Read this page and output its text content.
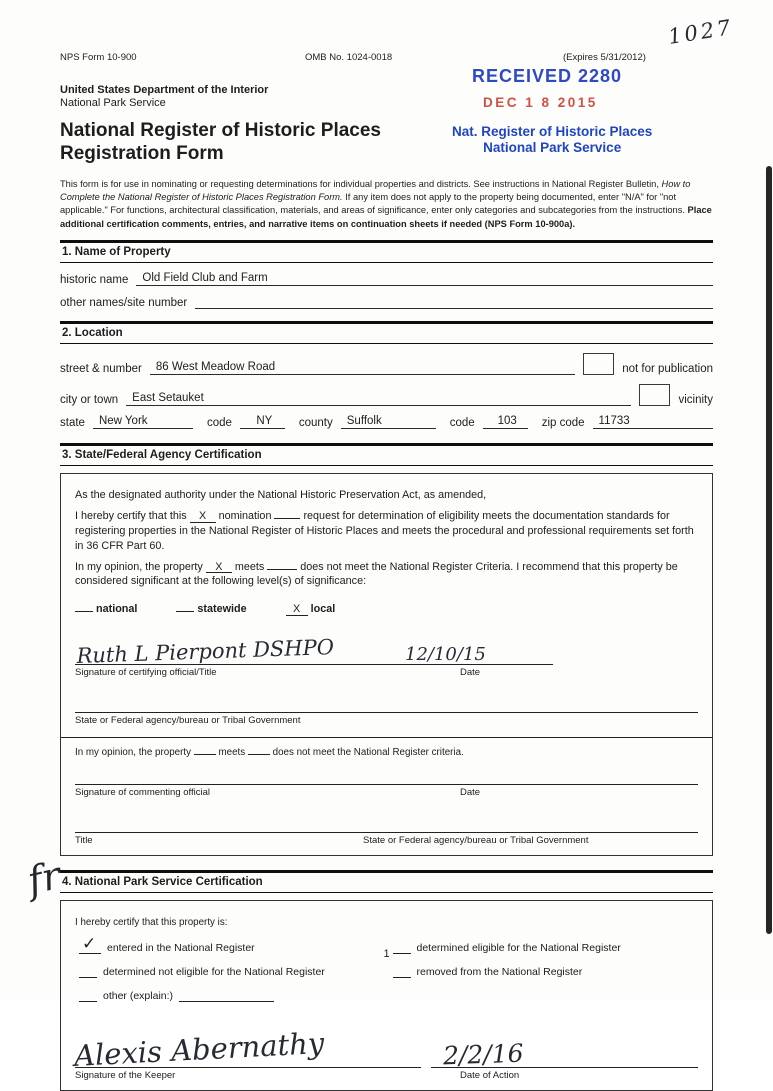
NPS Form 10-900	OMB No. 1024-0018	(Expires 5/31/2012)
1027
RECEIVED 2280
DEC 1 8 2015
United States Department of the Interior
National Park Service
National Register of Historic Places
Registration Form
Nat. Register of Historic Places
National Park Service
This form is for use in nominating or requesting determinations for individual properties and districts. See instructions in National Register Bulletin, How to Complete the National Register of Historic Places Registration Form. If any item does not apply to the property being documented, enter "N/A" for "not applicable." For functions, architectural classification, materials, and areas of significance, enter only categories and subcategories from the instructions. Place additional certification comments, entries, and narrative items on continuation sheets if needed (NPS Form 10-900a).
1. Name of Property
historic name	Old Field Club and Farm
other names/site number
2. Location
street & number	86 West Meadow Road	not for publication
city or town	East Setauket	vicinity
state	New York	code	NY	county	Suffolk	code	103	zip code	11733
3. State/Federal Agency Certification

As the designated authority under the National Historic Preservation Act, as amended,

I hereby certify that this X nomination	request for determination of eligibility meets the documentation standards for registering properties in the National Register of Historic Places and meets the procedural and professional requirements set forth in 36 CFR Part 60.

In my opinion, the property X meets	does not meet the National Register Criteria. I recommend that this property be considered significant at the following level(s) of significance:

national	statewide	X local

Ruth L Pierpont DSHPO	12/10/15
Signature of certifying official/Title	Date
State or Federal agency/bureau or Tribal Government

In my opinion, the property	meets	does not meet the National Register criteria.

Signature of commenting official	Date
Title	State or Federal agency/bureau or Tribal Government
4. National Park Service Certification

I hereby certify that this property is:

✓ entered in the National Register	determined eligible for the National Register
determined not eligible for the National Register	removed from the National Register
other (explain:)
Alexis Abernathy	2/2/16
Signature of the Keeper	Date of Action
fr
1
